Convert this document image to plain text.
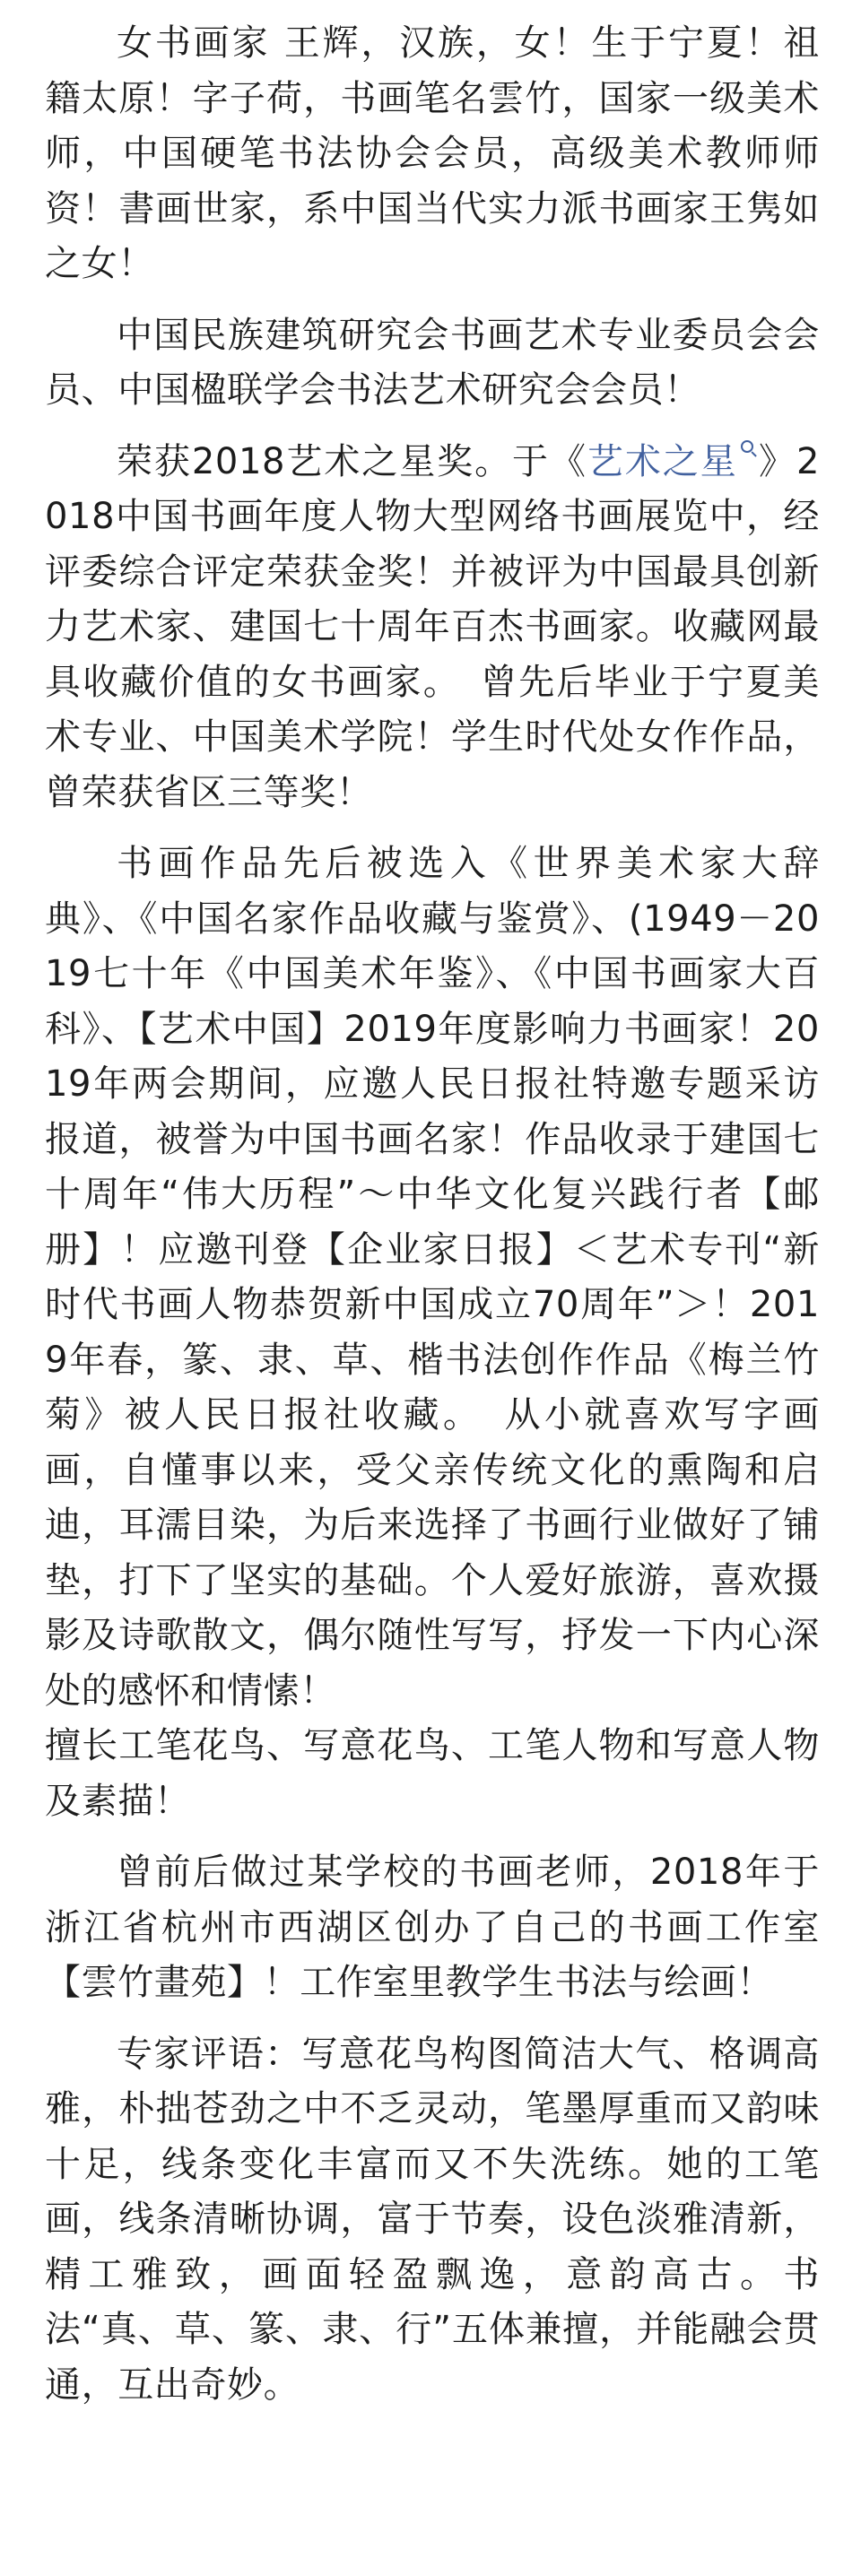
女书画家 王辉，汉族，女！生于宁夏！祖籍太原！字子荷，书画笔名雲竹，国家一级美术师，中国硬笔书法协会会员，高级美术教师师资！書画世家，系中国当代实力派书画家王隽如之女！

中国民族建筑研究会书画艺术专业委员会会员、中国楹联学会书法艺术研究会会员！

荣获2018艺术之星奖。于《艺术之星 》2018中国书画年度人物大型网络书画展览中，经评委综合评定荣获金奖！并被评为中国最具创新力艺术家、建国七十周年百杰书画家。收藏网最具收藏价值的女书画家。　曾先后毕业于宁夏美术专业、中国美术学院！学生时代处女作作品，曾荣获省区三等奖！

书画作品先后被选入《世界美术家大辞典》、《中国名家作品收藏与鉴赏》、(1949－2019七十年《中国美术年鉴》、《中国书画家大百科》、【艺术中国】2019年度影响力书画家！2019年两会期间，应邀人民日报社特邀专题采访报道，被誉为中国书画名家！作品收录于建国七十周年“伟大历程”～中华文化复兴践行者【邮册】！应邀刊登【企业家日报】＜艺术专刊“新时代书画人物恭贺新中国成立70周年”＞！2019年春，篆、隶、草、楷书法创作作品《梅兰竹菊》被人民日报社收藏。　从小就喜欢写字画画，自懂事以来，受父亲传统文化的熏陶和启迪，耳濡目染，为后来选择了书画行业做好了铺垫，打下了坚实的基础。个人爱好旅游，喜欢摄影及诗歌散文，偶尔随性写写，抒发一下内心深处的感怀和情愫！

擅长工笔花鸟、写意花鸟、工笔人物和写意人物及素描！

曾前后做过某学校的书画老师，2018年于浙江省杭州市西湖区创办了自己的书画工作室【雲竹畫苑】！工作室里教学生书法与绘画！

专家评语：写意花鸟构图简洁大气、格调高雅，朴拙苍劲之中不乏灵动，笔墨厚重而又韵味十足，线条变化丰富而又不失洗练。她的工笔画，线条清晰协调，富于节奏，设色淡雅清新，精工雅致，画面轻盈飘逸，意韵高古。书法“真、草、篆、隶、行”五体兼擅，并能融会贯通，互出奇妙。
